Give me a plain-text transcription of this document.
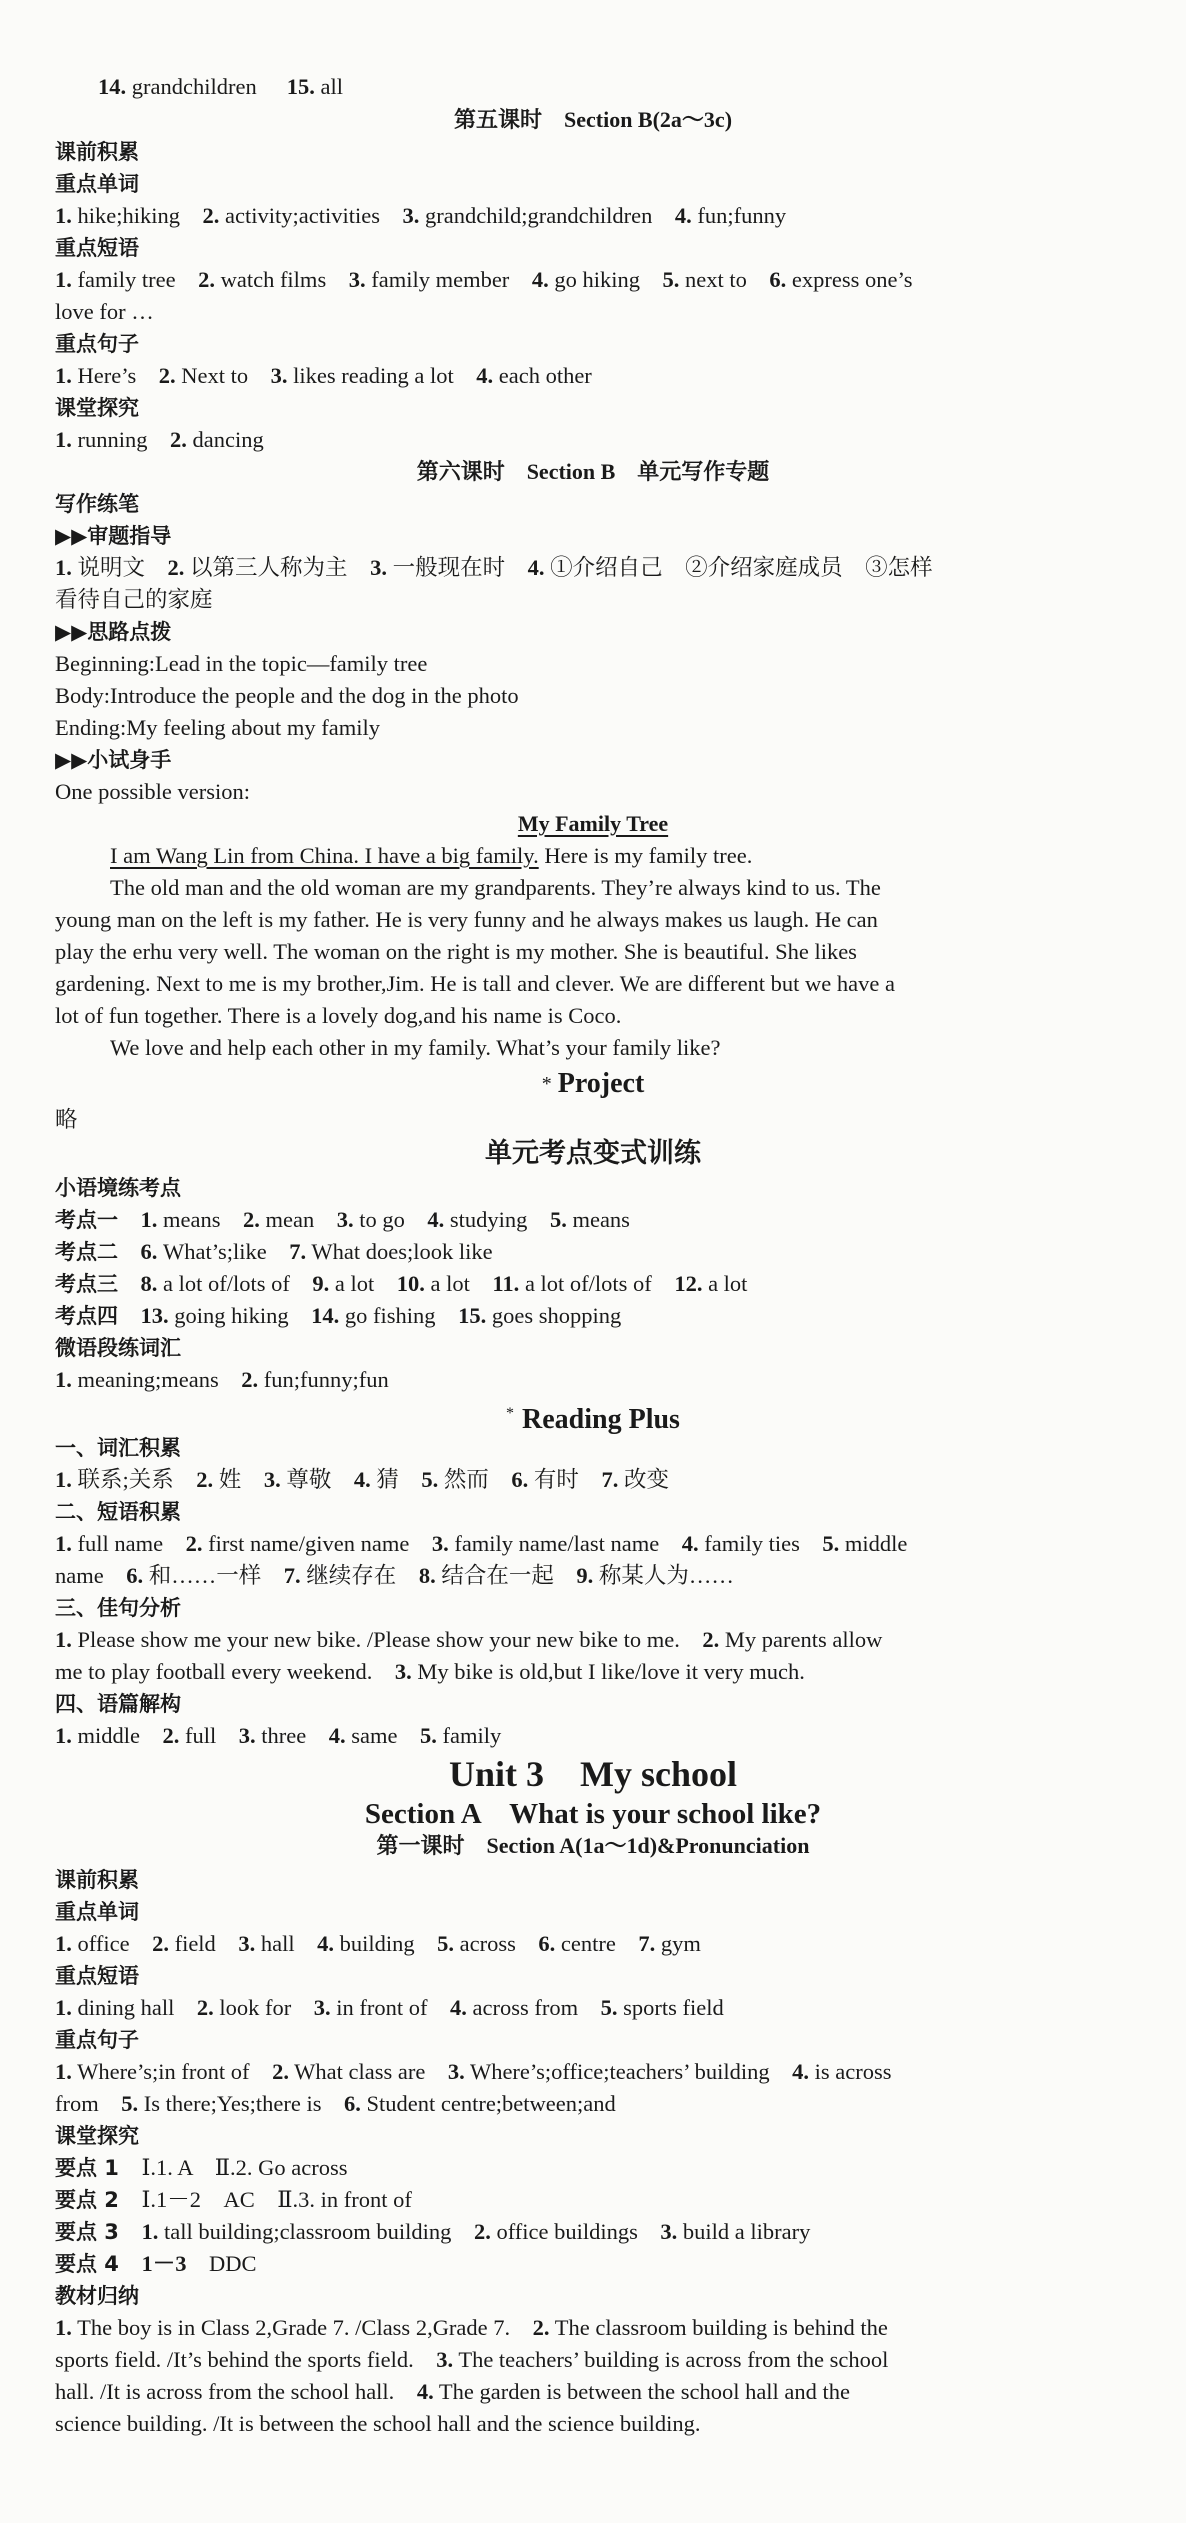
14. grandchildren 15. all
第五课时　Section B(2a～3c)
课前积累
重点单词
1. hike;hiking　 2. activity;activities　 3. grandchild;grandchildren　 4. fun;funny
重点短语
1. family tree　 2. watch films　 3. family member　 4. go hiking　 5. next to　 6. express one’s
love for …
重点句子
1. Here’s　 2. Next to　 3. likes reading a lot　 4. each other
课堂探究
1. running　 2. dancing
第六课时　Section B　单元写作专题
写作练笔
▶▶审题指导
1. 说明文　 2. 以第三人称为主　 3. 一般现在时　 4. ①介绍自己　②介绍家庭成员　③怎样
看待自己的家庭
▶▶思路点拨
Beginning:Lead in the topic—family tree
Body:Introduce the people and the dog in the photo
Ending:My feeling about my family
▶▶小试身手
One possible version:
My Family Tree
I am Wang Lin from China. I have a big family. Here is my family tree.
The old man and the old woman are my grandparents. They’re always kind to us. The
young man on the left is my father. He is very funny and he always makes us laugh. He can
play the erhu very well. The woman on the right is my mother. She is beautiful. She likes
gardening. Next to me is my brother,Jim. He is tall and clever. We are different but we have a
lot of fun together. There is a lovely dog,and his name is Coco.
We love and help each other in my family. What’s your family like?
* Project
略
单元考点变式训练
小语境练考点
考点一　 1. means　 2. mean　 3. to go　 4. studying　 5. means
考点二　 6. What’s;like　 7. What does;look like
考点三　 8. a lot of/lots of　 9. a lot　 10. a lot　 11. a lot of/lots of　 12. a lot
考点四　 13. going hiking　 14. go fishing　 15. goes shopping
微语段练词汇
1. meaning;means　 2. fun;funny;fun
* Reading Plus
一、词汇积累
1. 联系;关系　 2. 姓　 3. 尊敬　 4. 猜　 5. 然而　 6. 有时　 7. 改变
二、短语积累
1. full name　 2. first name/given name　 3. family name/last name　 4. family ties　 5. middle
name　 6. 和……一样　 7. 继续存在　 8. 结合在一起　 9. 称某人为……
三、佳句分析
1. Please show me your new bike. /Please show your new bike to me.　 2. My parents allow
me to play football every weekend.　 3. My bike is old,but I like/love it very much.
四、语篇解构
1. middle　 2. full　 3. three　 4. same　 5. family
Unit 3　My school
Section A　What is your school like?
第一课时　Section A(1a～1d)&Pronunciation
课前积累
重点单词
1. office　 2. field　 3. hall　 4. building　 5. across　 6. centre　 7. gym
重点短语
1. dining hall　 2. look for　 3. in front of　 4. across from　 5. sports field
重点句子
1. Where’s;in front of　 2. What class are　 3. Where’s;office;teachers’ building　 4. is across
from　 5. Is there;Yes;there is　 6. Student centre;between;and
课堂探究
要点 1　 Ⅰ.1. A　Ⅱ.2. Go across
要点 2　 Ⅰ.1－2　AC　Ⅱ.3. in front of
要点 3　 1. tall building;classroom building　 2. office buildings　 3. build a library
要点 4　 1－3　 DDC
教材归纳
1. The boy is in Class 2,Grade 7. /Class 2,Grade 7.　 2. The classroom building is behind the
sports field. /It’s behind the sports field.　 3. The teachers’ building is across from the school
hall. /It is across from the school hall.　 4. The garden is between the school hall and the
science building. /It is between the school hall and the science building.
